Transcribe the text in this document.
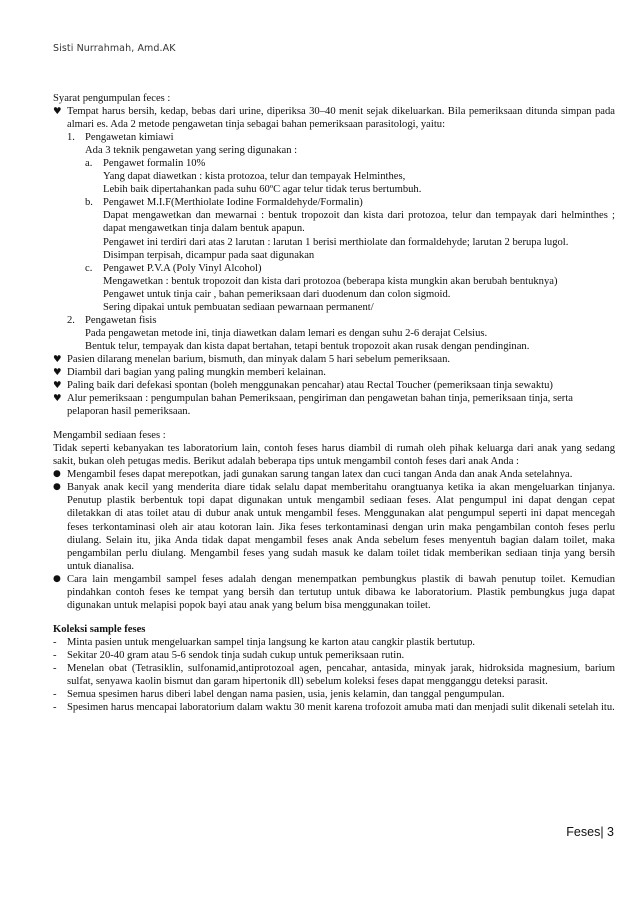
Sisti Nurrahmah, Amd.AK

Syarat pengumpulan feces :

♥ Tempat harus bersih, kedap, bebas dari urine, diperiksa 30–40 menit sejak dikeluarkan. Bila pemeriksaan ditunda simpan pada almari es. Ada 2 metode pengawetan tinja sebagai bahan pemeriksaan parasitologi, yaitu:
1. Pengawetan kimiawi

Ada 3 teknik pengawetan yang sering digunakan :

a.	Pengawet formalin 10%

Yang dapat diawetkan : kista protozoa, telur dan tempayak Helminthes,

Lebih baik dipertahankan pada suhu 60ºC agar telur tidak terus bertumbuh.

b. Pengawet M.I.F(Merthiolate Iodine Formaldehyde/Formalin)

Dapat mengawetkan dan mewarnai : bentuk tropozoit dan kista dari protozoa, telur dan tempayak dari helminthes ; dapat mengawetkan tinja dalam bentuk apapun.

Pengawet ini terdiri dari atas 2 larutan : larutan 1 berisi merthiolate dan formaldehyde; larutan 2 berupa lugol.

Disimpan terpisah, dicampur pada saat digunakan

c.	Pengawet P.V.A (Poly Vinyl Alcohol)

Mengawetkan : bentuk tropozoit dan kista dari protozoa (beberapa kista mungkin akan berubah bentuknya)

Pengawet untuk tinja cair , bahan pemeriksaan dari duodenum dan colon sigmoid.

Sering dipakai untuk pembuatan sediaan pewarnaan permanent/

2. Pengawetan fisis

Pada pengawetan metode ini, tinja diawetkan dalam lemari es dengan suhu 2-6 derajat Celsius.

Bentuk telur, tempayak dan kista dapat bertahan, tetapi bentuk tropozoit akan rusak dengan pendinginan.

♥ Pasien dilarang menelan barium, bismuth, dan minyak dalam 5 hari sebelum pemeriksaan.
♥ Diambil dari bagian yang paling mungkin memberi kelainan.
♥ Paling baik dari defekasi spontan (boleh menggunakan pencahar) atau Rectal Toucher (pemeriksaan tinja sewaktu)
♥ Alur pemeriksaan : pengumpulan bahan Pemeriksaan, pengiriman dan pengawetan bahan tinja, pemeriksaan tinja, serta pelaporan hasil pemeriksaan.

Mengambil sediaan feses :

Tidak seperti kebanyakan tes laboratorium lain, contoh feses harus diambil di rumah oleh pihak keluarga dari anak yang sedang sakit, bukan oleh petugas medis. Berikut adalah beberapa tips untuk mengambil contoh feses dari anak Anda :

● Mengambil feses dapat merepotkan, jadi gunakan sarung tangan latex dan cuci tangan Anda dan anak Anda setelahnya.
● Banyak anak kecil yang menderita diare tidak selalu dapat memberitahu orangtuanya ketika ia akan mengeluarkan tinjanya. Penutup plastik berbentuk topi dapat digunakan untuk mengambil sediaan feses. Alat pengumpul ini dapat dengan cepat diletakkan di atas toilet atau di dubur anak untuk mengambil feses. Menggunakan alat pengumpul seperti ini dapat mencegah feses terkontaminasi oleh air atau kotoran lain. Jika feses terkontaminasi dengan urin maka pengambilan contoh feses perlu diulang. Selain itu, jika Anda tidak dapat mengambil feses anak Anda sebelum feses menyentuh bagian dalam toilet, maka pengambilan perlu diulang. Mengambil feses yang sudah masuk ke dalam toilet tidak memberikan sediaan tinja yang bersih untuk dianalisa.
● Cara lain mengambil sampel feses adalah dengan menempatkan pembungkus plastik di bawah penutup toilet. Kemudian pindahkan contoh feses ke tempat yang bersih dan tertutup untuk dibawa ke laboratorium. Plastik pembungkus juga dapat digunakan untuk melapisi popok bayi atau anak yang belum bisa menggunakan toilet.

Koleksi sample feses

- Minta pasien untuk mengeluarkan sampel tinja langsung ke karton atau cangkir plastik bertutup.
- Sekitar 20-40 gram atau 5-6 sendok tinja sudah cukup untuk pemeriksaan rutin.
- Menelan obat (Tetrasiklin, sulfonamid,antiprotozoal agen, pencahar, antasida, minyak jarak, hidroksida magnesium, barium sulfat, senyawa kaolin bismut dan garam hipertonik dll) sebelum koleksi feses dapat mengganggu deteksi parasit.
- Semua spesimen harus diberi label dengan nama pasien, usia, jenis kelamin, dan tanggal pengumpulan.
- Spesimen harus mencapai laboratorium dalam waktu 30 menit karena trofozoit amuba mati dan menjadi sulit dikenali setelah itu.
Feses| 3
